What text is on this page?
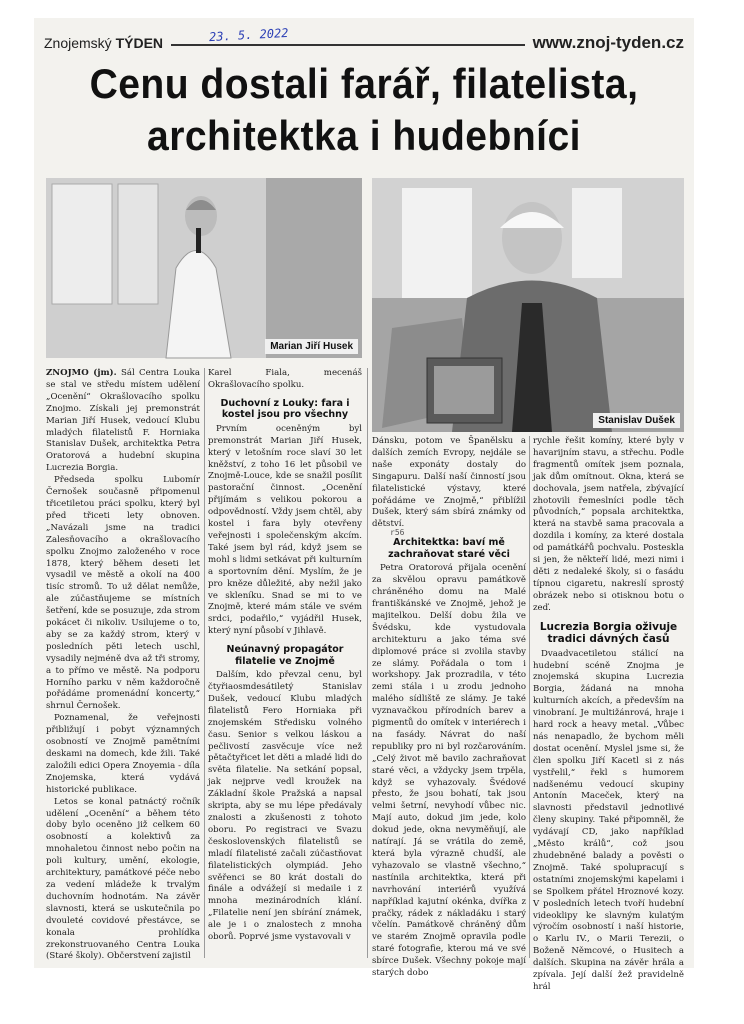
Znojemský TÝDEN	www.znoj-tyden.cz
23. 5. 2022
Cenu dostali farář, filatelista,
architektka i hudebníci
Marian Jiří Husek
Stanislav Dušek

ZNOJMO (jm). Sál Centra Louka se stal ve středu místem udělení „Ocenění“ Okrašlovacího spolku Znojmo. Získali jej premonstrát Marian Jiří Husek, vedoucí Klubu mladých filatelistů F. Horniaka Stanislav Dušek, architektka Petra Oratorová a hudební skupina Lucrezia Borgia.

Předseda spolku Lubomír Černošek současně připomenul třicetiletou práci spolku, který byl před třiceti lety obnoven. „Navázali jsme na tradici Zalesňovacího a okrašlovacího spolku Znojmo založeného v roce 1878, který během deseti let vysadil ve městě a okolí na 400 tisíc stromů. To už dělat nemůže, ale zúčastňujeme se místních šetření, kde se posuzuje, zda strom pokácet či nikoliv. Usilujeme o to, aby se za každý strom, který v posledních pěti letech uschl, vysadily nejméně dva až tři stromy, a to přímo ve městě. Na podporu Horního parku v něm každoročně pořádáme promenádní koncerty,“ shrnul Černošek.

Poznamenal, že veřejnosti přibližují i pobyt významných osobností ve Znojmě pamětními deskami na domech, kde žili. Také založili edici Opera Znoyemia - díla Znojemska, která vydává historické publikace.

Letos se konal patnáctý ročník udělení „Ocenění“ a během této doby bylo oceněno již celkem 60 osobností a kolektivů za mnohaletou činnost nebo počin na poli kultury, umění, ekologie, architektury, památkové péče nebo za vedení mládeže k trvalým duchovním hodnotám. Na závěr slavnosti, která se uskutečnila po dvouleté covidové přestávce, se konala prohlídka zrekonstruovaného Centra Louka (Staré školy). Občerstvení zajistil

Karel Fiala, mecenáš Okrašlovacího spolku.

Duchovní z Louky: fara i kostel jsou pro všechny

Prvním oceněným byl premonstrát Marian Jiří Husek, který v letošním roce slaví 30 let kněžství, z toho 16 let působil ve Znojmě-Louce, kde se snažil posílit pastorační činnost. „Ocenění přijímám s velikou pokorou a odpovědností. Vždy jsem chtěl, aby kostel i fara byly otevřeny veřejnosti i společenským akcím. Také jsem byl rád, když jsem se mohl s lidmi setkávat při kulturním a sportovním dění. Myslím, že je pro kněze důležité, aby nežil jako ve skleníku. Snad se mi to ve Znojmě, které mám stále ve svém srdci, podařilo,“ vyjádřil Husek, který nyní působí v Jihlavě.

Neúnavný propagátor filatelie ve Znojmě

Dalším, kdo převzal cenu, byl čtyřiaosmdesátiletý Stanislav Dušek, vedoucí Klubu mladých filatelistů Fero Horniaka při znojemském Středisku volného času. Senior s velkou láskou a pečlivostí zasvěcuje více než pětačtyřicet let děti a mladé lidi do světa filatelie. Na setkání popsal, jak nejprve vedl kroužek na Základní škole Pražská a napsal skripta, aby se mu lépe předávaly znalosti a zkušenosti z tohoto oboru. Po registraci ve Svazu československých filatelistů se mladí filatelisté začali zúčastňovat filatelistických olympiád. Jeho svěřenci se 80 krát dostali do finále a odvážejí si medaile i z mnoha mezinárodních klání. „Filatelie není jen sbírání známek, ale je i o znalostech z mnoha oborů. Poprvé jsme vystavovali v

Dánsku, potom ve Španělsku a dalších zemích Evropy, nejdále se naše exponáty dostaly do Singapuru. Další naší činností jsou filatelistické výstavy, které pořádáme ve Znojmě,“ přiblížil Dušek, který sám sbírá známky od dětství.

Architektka: baví mě zachraňovat staré věci

Petra Oratorová přijala ocenění za skvělou opravu památkově chráněného domu na Malé františkánské ve Znojmě, jehož je majitelkou. Delší dobu žila ve Švédsku, kde vystudovala architekturu a jako téma své diplomové práce si zvolila stavby ze slámy. Pořádala o tom i workshopy. Jak prozradila, v této zemi stála i u zrodu jednoho malého sídliště ze slámy. Je také vyznavačkou přírodních barev a pigmentů do omítek v interiérech i na fasády. Návrat do naší republiky pro ni byl rozčarováním. „Celý život mě bavilo zachraňovat staré věci, a vždycky jsem trpěla, když se vyhazovaly. Švédové přesto, že jsou bohatí, tak jsou velmi šetrní, nevyhodí vůbec nic. Mají auto, dokud jim jede, kolo dokud jede, okna nevyměňují, ale natírají. Já se vrátila do země, která byla výrazně chudší, ale vyhazovalo se vlastně všechno,“ nastínila architektka, která při navrhování interiérů využívá například kajutní okénka, dvířka z pračky, rádek z nákladáku i starý včelín. Památkově chráněný dům ve starém Znojmě opravila podle staré fotografie, kterou má ve své sbírce Dušek. Všechny pokoje mají starých dobo

rychle řešit komíny, které byly v havarijním stavu, a střechu. Podle fragmentů omítek jsem poznala, jak dům omítnout. Okna, která se dochovala, jsem natřela, zbývající zhotovili řemeslníci podle těch původních,“ popsala architektka, která na stavbě sama pracovala a dozdila i komíny, za které dostala od památkářů pochvalu. Posteskla si jen, že někteří lidé, mezi nimi i děti z nedaleké školy, si o fasádu típnou cigaretu, nakreslí sprostý obrázek nebo si otisknou botu o zeď.

Lucrezia Borgia oživuje tradici dávných časů

Dvaadvacetiletou stálicí na hudební scéně Znojma je znojemská skupina Lucrezia Borgia, žádaná na mnoha kulturních akcích, a především na vinobraní. Je multižánrová, hraje i hard rock a heavy metal. „Vůbec nás nenapadlo, že bychom měli dostat ocenění. Myslel jsme si, že člen spolku Jiří Kacetl si z nás vystřelil,“ řekl s humorem nadšenému vedoucí skupiny Antonín Maceček, který na slavnosti představil jednotlivé členy skupiny. Také připomněl, že vydávají CD, jako například „Město králů“, což jsou zhudebněné balady a pověsti o Znojmě. Také spolupracují s ostatními znojemskými kapelami i se Spolkem přátel Hroznové kozy. V posledních letech tvoří hudební videoklipy ke slavným kulatým výročím osobností i naší historie, o Karlu IV., o Marii Terezii, o Boženě Němcové, o Husitech a dalších. Skupina na závěr hrála a zpívala. Její další žež pravidelně hrál

r56
